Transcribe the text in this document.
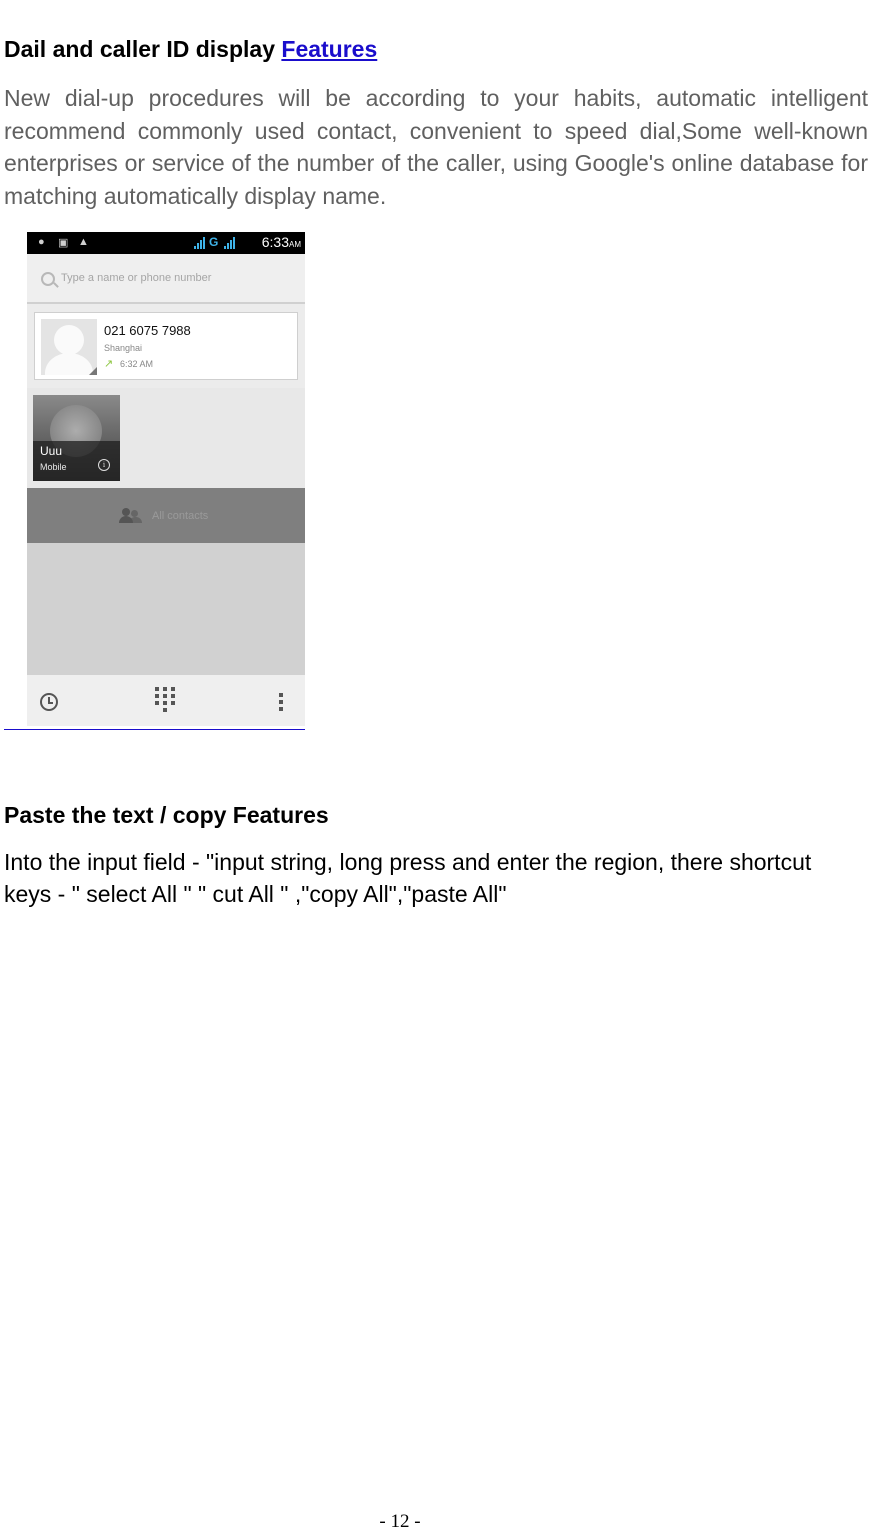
Dail and caller ID display Features
New dial-up procedures will be according to your habits, automatic intelligent recommend commonly used contact, convenient to speed dial,Some well-known enterprises or service of the number of the caller, using Google's online database for matching automatically display name.
● ▣ ▲	G	6:33AM
Type a name or phone number
021 6075 7988
Shanghai
↗ 6:32 AM
Uuu
Mobile	i
All contacts
Paste the text / copy Features
Into the input field - "input string, long press and enter the region, there shortcut keys - " select All " " cut All " ,"copy All","paste All"
- 12 -
